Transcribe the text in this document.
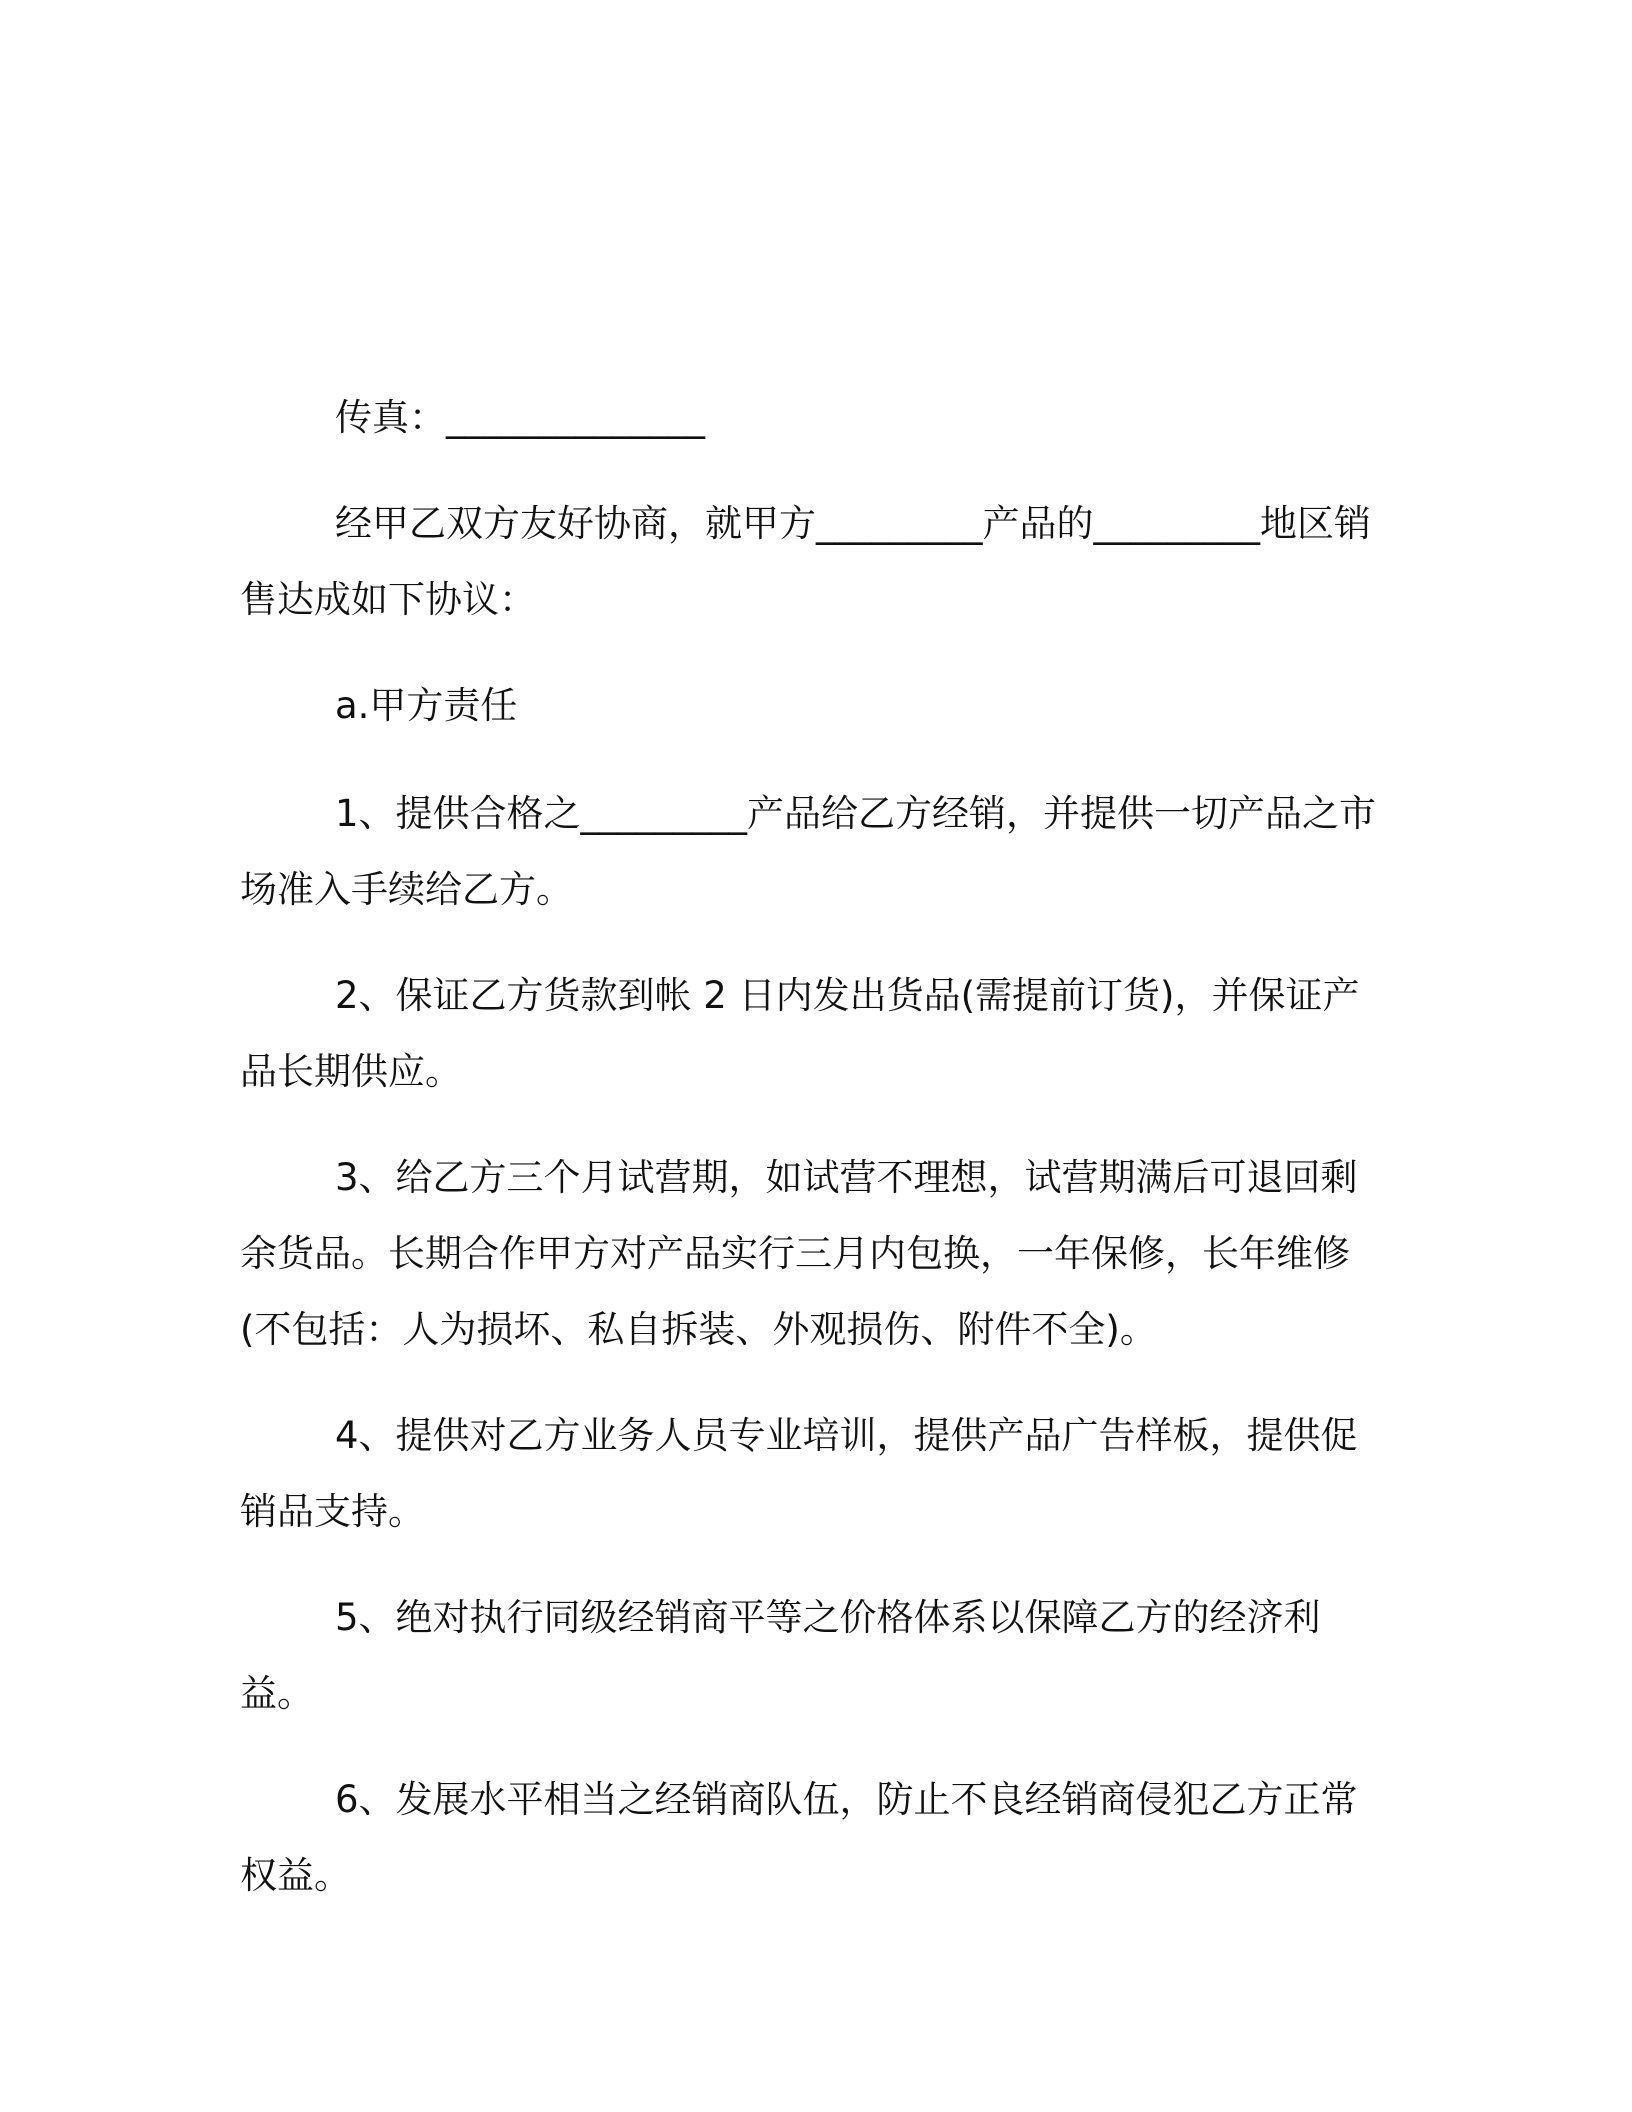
传真：______________

经甲乙双方友好协商，就甲方_________产品的_________地区销售达成如下协议：

a.甲方责任

1、提供合格之_________产品给乙方经销，并提供一切产品之市场准入手续给乙方。

2、保证乙方货款到帐 2 日内发出货品(需提前订货)，并保证产品长期供应。

3、给乙方三个月试营期，如试营不理想，试营期满后可退回剩余货品。长期合作甲方对产品实行三月内包换，一年保修，长年维修(不包括：人为损坏、私自拆装、外观损伤、附件不全)。

4、提供对乙方业务人员专业培训，提供产品广告样板，提供促销品支持。

5、绝对执行同级经销商平等之价格体系以保障乙方的经济利益。

6、发展水平相当之经销商队伍，防止不良经销商侵犯乙方正常权益。
